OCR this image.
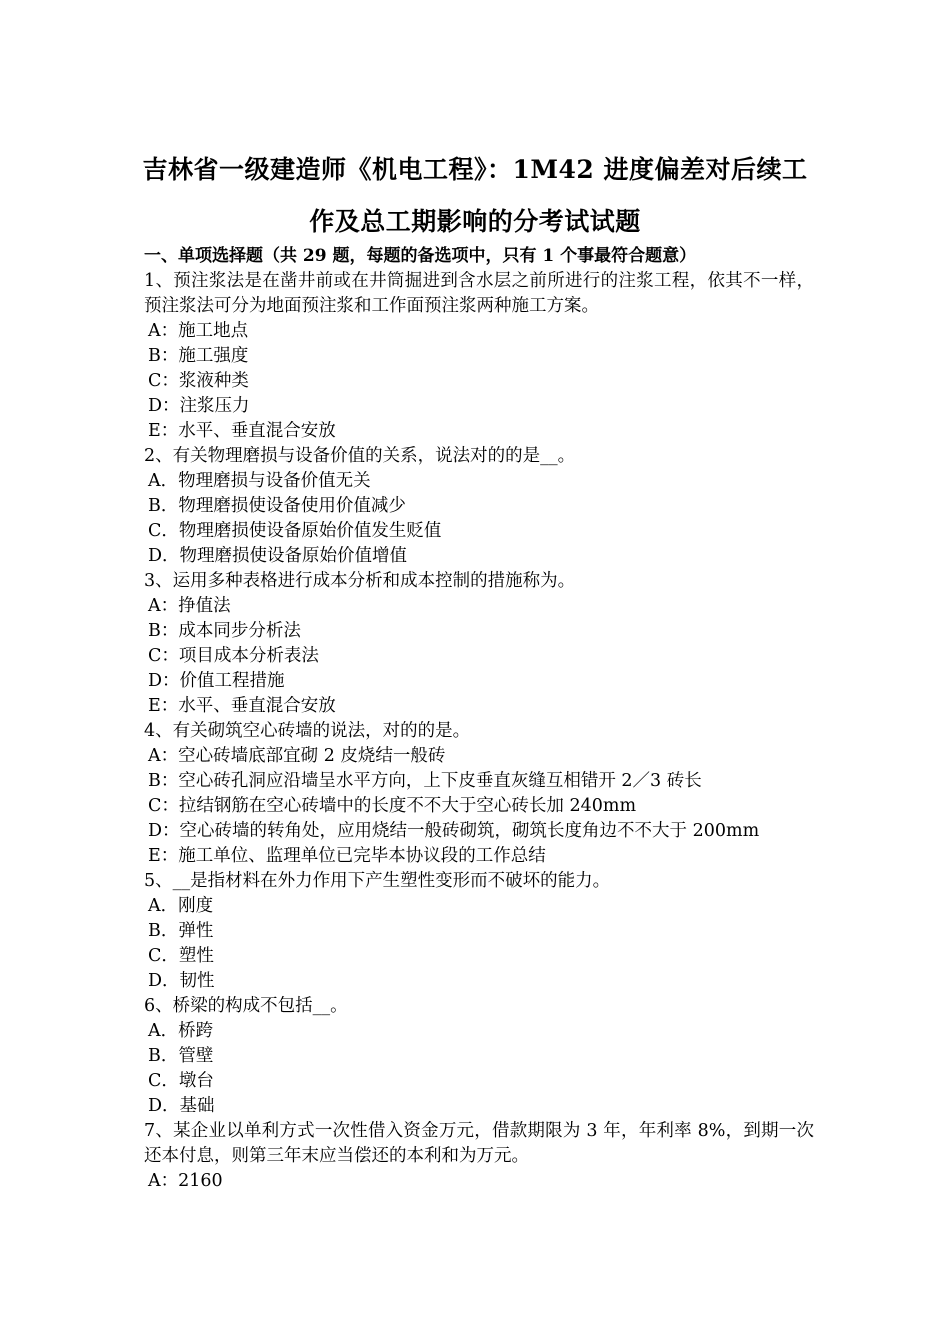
吉林省一级建造师《机电工程》：1M42 进度偏差对后续工
作及总工期影响的分考试试题
一、单项选择题（共 29 题，每题的备选项中，只有 1 个事最符合题意）
1、预注浆法是在凿井前或在井筒掘进到含水层之前所进行的注浆工程，依其不一样，预注浆法可分为地面预注浆和工作面预注浆两种施工方案。
A：施工地点
B：施工强度
C：浆液种类
D：注浆压力
E：水平、垂直混合安放
2、有关物理磨损与设备价值的关系，说法对的的是__。
A．物理磨损与设备价值无关
B．物理磨损使设备使用价值减少
C．物理磨损使设备原始价值发生贬值
D．物理磨损使设备原始价值增值
3、运用多种表格进行成本分析和成本控制的措施称为。
A：挣值法
B：成本同步分析法
C：项目成本分析表法
D：价值工程措施
E：水平、垂直混合安放
4、有关砌筑空心砖墙的说法，对的的是。
A：空心砖墙底部宜砌 2 皮烧结一般砖
B：空心砖孔洞应沿墙呈水平方向，上下皮垂直灰缝互相错开 2／3 砖长
C：拉结钢筋在空心砖墙中的长度不不大于空心砖长加 240mm
D：空心砖墙的转角处，应用烧结一般砖砌筑，砌筑长度角边不不大于 200mm
E：施工单位、监理单位已完毕本协议段的工作总结
5、__是指材料在外力作用下产生塑性变形而不破坏的能力。
A．刚度
B．弹性
C．塑性
D．韧性
6、桥梁的构成不包括__。
A．桥跨
B．管壁
C．墩台
D．基础
7、某企业以单利方式一次性借入资金万元，借款期限为 3 年，年利率 8%，到期一次还本付息，则第三年末应当偿还的本利和为万元。
A：2160
